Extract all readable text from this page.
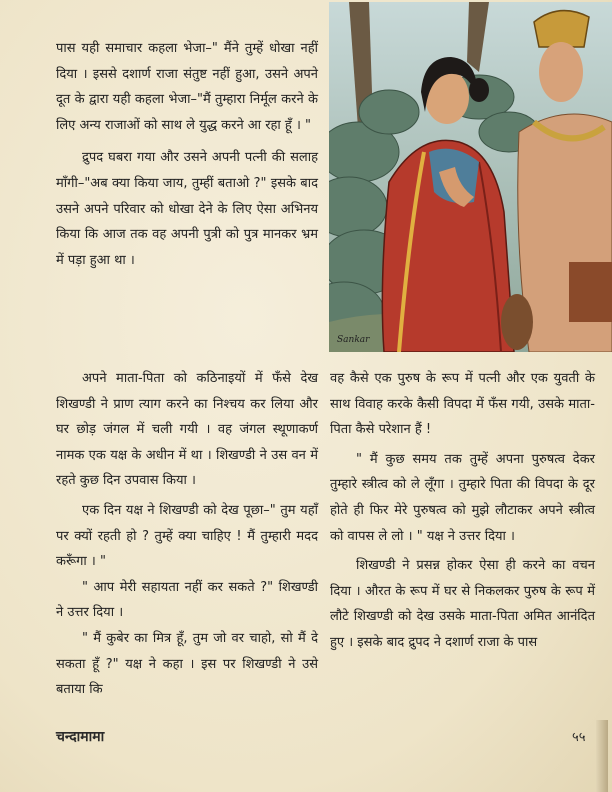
पास यही समाचार कहला भेजा–" मैंने तुम्हें धोखा नहीं दिया । इससे दशार्ण राजा संतुष्ट नहीं हुआ, उसने अपने दूत के द्वारा यही कहला भेजा–"मैं तुम्हारा निर्मूल करने के लिए अन्य राजाओं को साथ ले युद्ध करने आ रहा हूँ । "

द्रुपद घबरा गया और उसने अपनी पत्नी की सलाह माँगी–"अब क्या किया जाय, तुम्हीं बताओ ?" इसके बाद उसने अपने परिवार को धोखा देने के लिए ऐसा अभिनय किया कि आज तक वह अपनी पुत्री को पुत्र मानकर भ्रम में पड़ा हुआ था ।

Sankar

अपने माता-पिता को कठिनाइयों में फँसे देख शिखण्डी ने प्राण त्याग करने का निश्चय कर लिया और घर छोड़ जंगल में चली गयी । वह जंगल स्थूणाकर्ण नामक एक यक्ष के अधीन में था । शिखण्डी ने उस वन में रहते कुछ दिन उपवास किया ।

एक दिन यक्ष ने शिखण्डी को देख पूछा–" तुम यहाँ पर क्यों रहती हो ? तुम्हें क्या चाहिए ! मैं तुम्हारी मदद करूँगा । "

" आप मेरी सहायता नहीं कर सकते ?" शिखण्डी ने उत्तर दिया ।

" मैं कुबेर का मित्र हूँ, तुम जो वर चाहो, सो मैं दे सकता हूँ ?" यक्ष ने कहा । इस पर शिखण्डी ने उसे बताया कि

वह कैसे एक पुरुष के रूप में पत्नी और एक युवती के साथ विवाह करके कैसी विपदा में फँस गयी, उसके माता-पिता कैसे परेशान हैं !

" मैं कुछ समय तक तुम्हें अपना पुरुषत्व देकर तुम्हारे स्त्रीत्व को ले लूँगा । तुम्हारे पिता की विपदा के दूर होते ही फिर मेरे पुरुषत्व को मुझे लौटाकर अपने स्त्रीत्व को वापस ले लो । " यक्ष ने उत्तर दिया ।

शिखण्डी ने प्रसन्न होकर ऐसा ही करने का वचन दिया । औरत के रूप में घर से निकलकर पुरुष के रूप में लौटे शिखण्डी को देख उसके माता-पिता अमित आनंदित हुए । इसके बाद द्रुपद ने दशार्ण राजा के पास

चन्दामामा	५५
